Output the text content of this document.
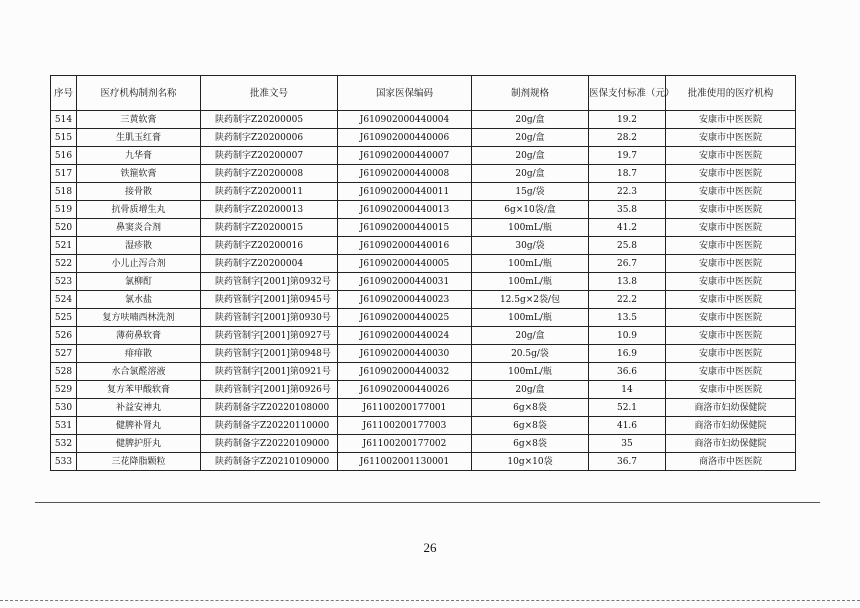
序号	医疗机构制剂名称	批准文号	国家医保编码	制剂规格	医保支付标准（元）	批准使用的医疗机构
514	三黄软膏	陕药制字Z20200005	J610902000440004	20g/盒	19.2	安康市中医医院
515	生肌玉红膏	陕药制字Z20200006	J610902000440006	20g/盒	28.2	安康市中医医院
516	九华膏	陕药制字Z20200007	J610902000440007	20g/盒	19.7	安康市中医医院
517	铁箍软膏	陕药制字Z20200008	J610902000440008	20g/盒	18.7	安康市中医医院
518	接骨散	陕药制字Z20200011	J610902000440011	15g/袋	22.3	安康市中医医院
519	抗骨质增生丸	陕药制字Z20200013	J610902000440013	6g×10袋/盒	35.8	安康市中医医院
520	鼻窦炎合剂	陕药制字Z20200015	J610902000440015	100mL/瓶	41.2	安康市中医医院
521	湿疹散	陕药制字Z20200016	J610902000440016	30g/袋	25.8	安康市中医医院
522	小儿止泻合剂	陕药制字Z20200004	J610902000440005	100mL/瓶	26.7	安康市中医医院
523	氯柳酊	陕药管制字[2001]第0932号	J610902000440031	100mL/瓶	13.8	安康市中医医院
524	氯水盐	陕药管制字[2001]第0945号	J610902000440023	12.5g×2袋/包	22.2	安康市中医医院
525	复方呋喃西林洗剂	陕药管制字[2001]第0930号	J610902000440025	100mL/瓶	13.5	安康市中医医院
526	薄荷鼻软膏	陕药管制字[2001]第0927号	J610902000440024	20g/盒	10.9	安康市中医医院
527	痱痱散	陕药管制字[2001]第0948号	J610902000440030	20.5g/袋	16.9	安康市中医医院
528	水合氯醛溶液	陕药管制字[2001]第0921号	J610902000440032	100mL/瓶	36.6	安康市中医医院
529	复方苯甲酸软膏	陕药管制字[2001]第0926号	J610902000440026	20g/盒	14	安康市中医医院
530	补益安神丸	陕药制备字Z20220108000	J61100200177001	6g×8袋	52.1	商洛市妇幼保健院
531	健脾补肾丸	陕药制备字Z20220110000	J61100200177003	6g×8袋	41.6	商洛市妇幼保健院
532	健脾护肝丸	陕药制备字Z20220109000	J61100200177002	6g×8袋	35	商洛市妇幼保健院
533	三花降脂颗粒	陕药制备字Z20210109000	J611002001130001	10g×10袋	36.7	商洛市中医医院
26
